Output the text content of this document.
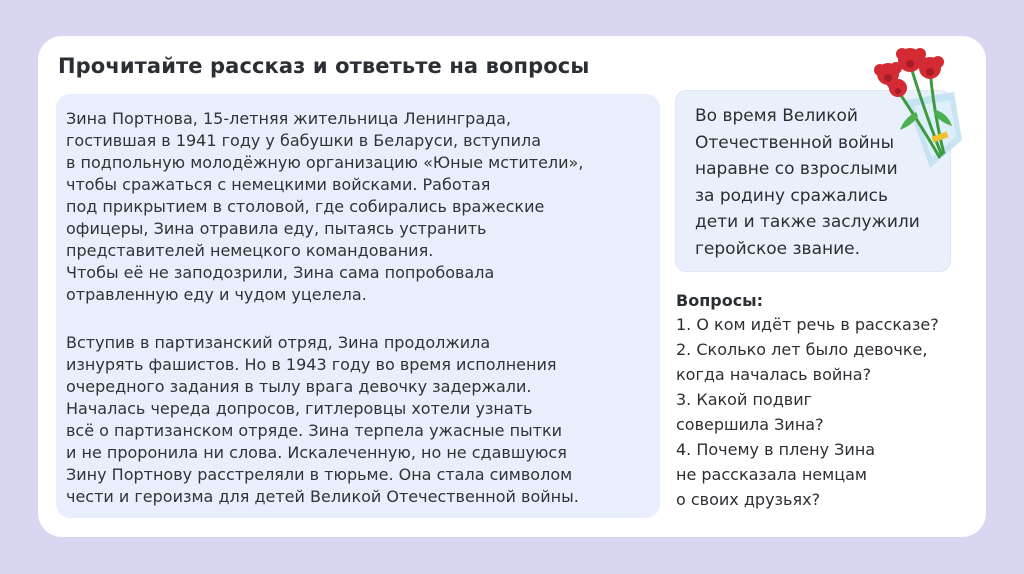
Прочитайте рассказ и ответьте на вопросы

Зина Портнова, 15-летняя жительница Ленинграда,
гостившая в 1941 году у бабушки в Беларуси, вступила
в подпольную молодёжную организацию «Юные мстители»,
чтобы сражаться с немецкими войсками. Работая
под прикрытием в столовой, где собирались вражеские
офицеры, Зина отравила еду, пытаясь устранить
представителей немецкого командования.
Чтобы её не заподозрили, Зина сама попробовала
отравленную еду и чудом уцелела.

Вступив в партизанский отряд, Зина продолжила
изнурять фашистов. Но в 1943 году во время исполнения
очередного задания в тылу врага девочку задержали.
Началась череда допросов, гитлеровцы хотели узнать
всё о партизанском отряде. Зина терпела ужасные пытки
и не проронила ни слова. Искалеченную, но не сдавшуюся
Зину Портнову расстреляли в тюрьме. Она стала символом
чести и героизма для детей Великой Отечественной войны.

Во время Великой
Отечественной войны
наравне со взрослыми
за родину сражались
дети и также заслужили
геройское звание.

Вопросы:

1. О ком идёт речь в рассказе?
2. Сколько лет было девочке,
когда началась война?
3. Какой подвиг
совершила Зина?
4. Почему в плену Зина
не рассказала немцам
о своих друзьях?
